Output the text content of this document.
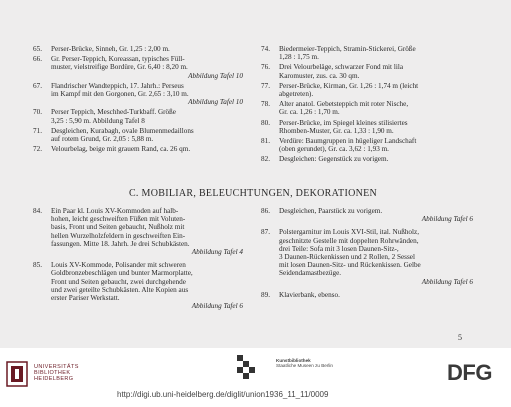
65. Perser-Brücke, Sinneh, Gr. 1,25 : 2,00 m.
66. Gr. Perser-Teppich, Koreassan, typisches Füll-
muster, vielstreifige Bordüre, Gr. 6,40 : 8,20 m.
Abbildung Tafel 10
67. Flandrischer Wandteppich, 17. Jahrh.: Perseus
im Kampf mit den Gorgonen, Gr. 2,65 : 3,10 m.
Abbildung Tafel 10
70. Perser Teppich, Meschhed-Turkbaff. Größe
3,25 : 5,90 m. Abbildung Tafel 8
71. Desgleichen, Kurabagh, ovale Blumenmedaillons
auf rotem Grund, Gr. 2,05 : 5,88 m.
72. Velourbelag, beige mit grauem Rand, ca. 26 qm.
74. Biedermeier-Teppich, Stramin-Stickerei, Größe
1,28 : 1,75 m.
76. Drei Velourbeläge, schwarzer Fond mit lila
Karomuster, zus. ca. 30 qm.
77. Perser-Brücke, Kirman, Gr. 1,26 : 1,74 m (leicht
abgetreten).
78. Alter anatol. Gebetsteppich mit roter Nische,
Gr. ca. 1,26 : 1,70 m.
80. Perser-Brücke, im Spiegel kleines stilisiertes
Rhomben-Muster, Gr. ca. 1,33 : 1,90 m.
81. Verdüre: Baumgruppen in hügeliger Landschaft
(oben gerundet), Gr. ca. 3,62 : 1,93 m.
82. Desgleichen: Gegenstück zu vorigem.
C. MOBILIAR, BELEUCHTUNGEN, DEKORATIONEN
84. Ein Paar kl. Louis XV-Kommoden auf halb-
hohen, leicht geschweiften Füßen mit Voluten-
basis, Front und Seiten gebaucht, Nußholz mit
hellen Wurzelholzfeldern in geschweiften Ein-
fassungen. Mitte 18. Jahrh. Je drei Schubkästen.
Abbildung Tafel 4
85. Louis XV-Kommode, Polisander mit schweren
Goldbronzebeschlägen und bunter Marmorplatte,
Front und Seiten gebaucht, zwei durchgehende
und zwei geteilte Schubkästen. Alte Kopien aus
erster Pariser Werkstatt.
Abbildung Tafel 6
86. Desgleichen, Paarstück zu vorigem.
Abbildung Tafel 6
87. Polstergarnitur im Louis XVI-Stil, ital. Nußholz,
geschnitzte Gestelle mit doppelten Rohrwänden,
drei Teile: Sofa mit 3 losen Daunen-Sitz-,
3 Daunen-Rückenkissen und 2 Rollen, 2 Sessel
mit losen Daunen-Sitz- und Rückenkissen. Gelbe
Seidendamastbezüge.
Abbildung Tafel 6
89. Klavierbank, ebenso.
5
UNIVERSITÄTS
BIBLIOTHEK
HEIDELBERG
Kunstbibliothek
Staatliche Museen zu Berlin
http://digi.ub.uni-heidelberg.de/diglit/union1936_11_11/0009
DFG
